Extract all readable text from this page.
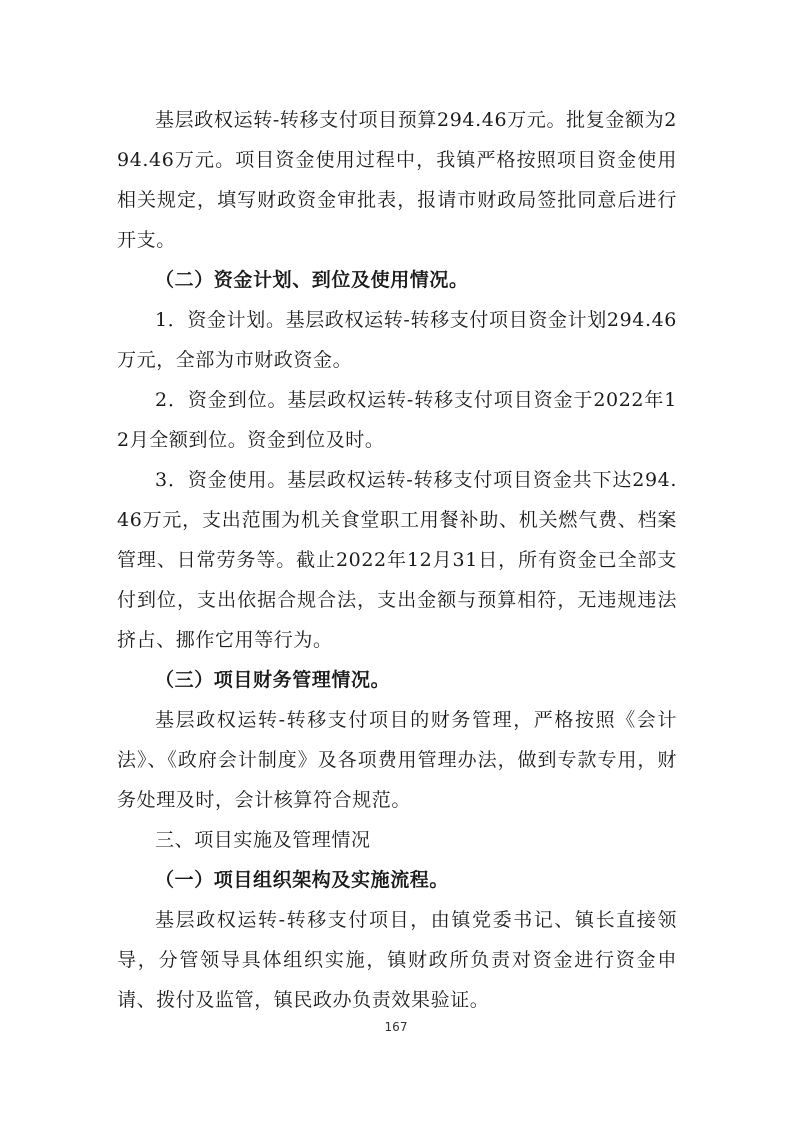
基层政权运转-转移支付项目预算294.46万元。批复金额为294.46万元。项目资金使用过程中，我镇严格按照项目资金使用相关规定，填写财政资金审批表，报请市财政局签批同意后进行开支。

（二）资金计划、到位及使用情况。

1．资金计划。基层政权运转-转移支付项目资金计划294.46万元，全部为市财政资金。

2．资金到位。基层政权运转-转移支付项目资金于2022年12月全额到位。资金到位及时。

3．资金使用。基层政权运转-转移支付项目资金共下达294.46万元，支出范围为机关食堂职工用餐补助、机关燃气费、档案管理、日常劳务等。截止2022年12月31日，所有资金已全部支付到位，支出依据合规合法，支出金额与预算相符，无违规违法挤占、挪作它用等行为。

（三）项目财务管理情况。

基层政权运转-转移支付项目的财务管理，严格按照《会计法》、《政府会计制度》及各项费用管理办法，做到专款专用，财务处理及时，会计核算符合规范。

三、项目实施及管理情况

（一）项目组织架构及实施流程。

基层政权运转-转移支付项目，由镇党委书记、镇长直接领导，分管领导具体组织实施，镇财政所负责对资金进行资金申请、拨付及监管，镇民政办负责效果验证。

167
